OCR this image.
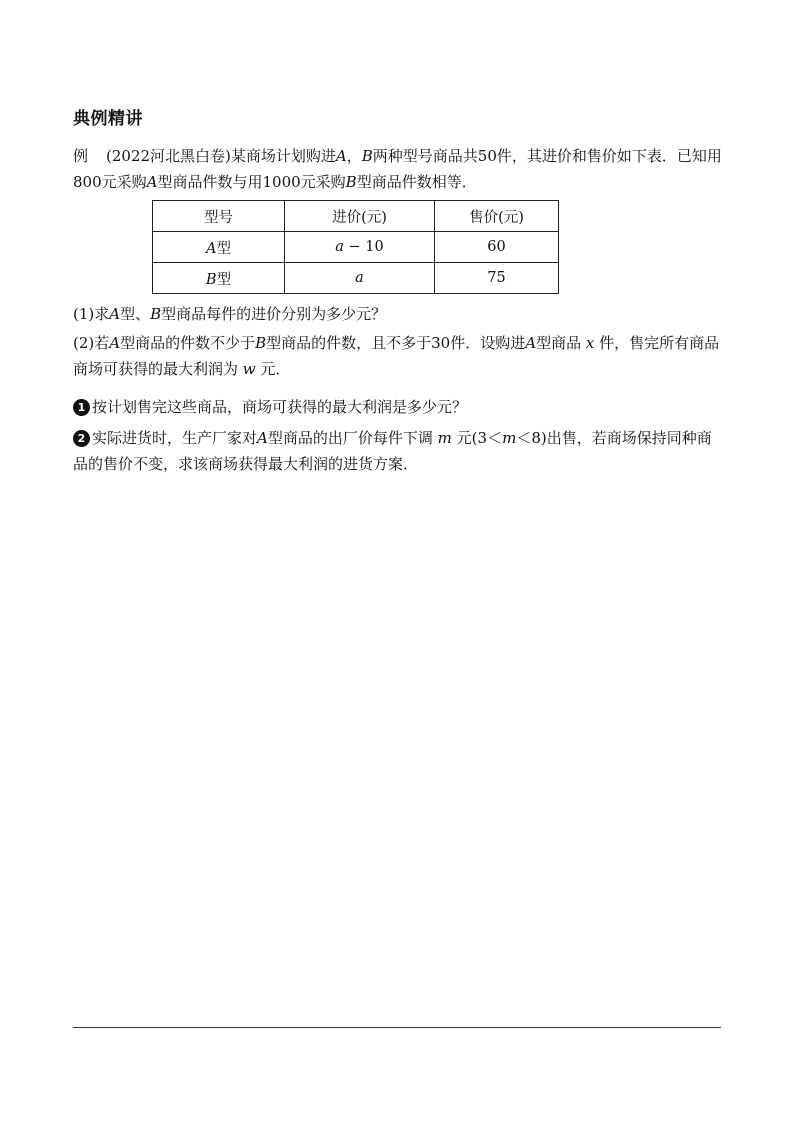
典例精讲

例 (2022河北黑白卷)某商场计划购进A，B两种型号商品共50件，其进价和售价如下表．已知用800元采购A型商品件数与用1000元采购B型商品件数相等．

型号	进价(元)	售价(元)
A型	a − 10	60
B型	a	75

(1)求A型、B型商品每件的进价分别为多少元？

(2)若A型商品的件数不少于B型商品的件数，且不多于30件．设购进A型商品 x 件，售完所有商品商场可获得的最大利润为 w 元．

1 按计划售完这些商品，商场可获得的最大利润是多少元？

2 实际进货时，生产厂家对A型商品的出厂价每件下调 m 元(3＜m＜8)出售，若商场保持同种商品的售价不变，求该商场获得最大利润的进货方案．
